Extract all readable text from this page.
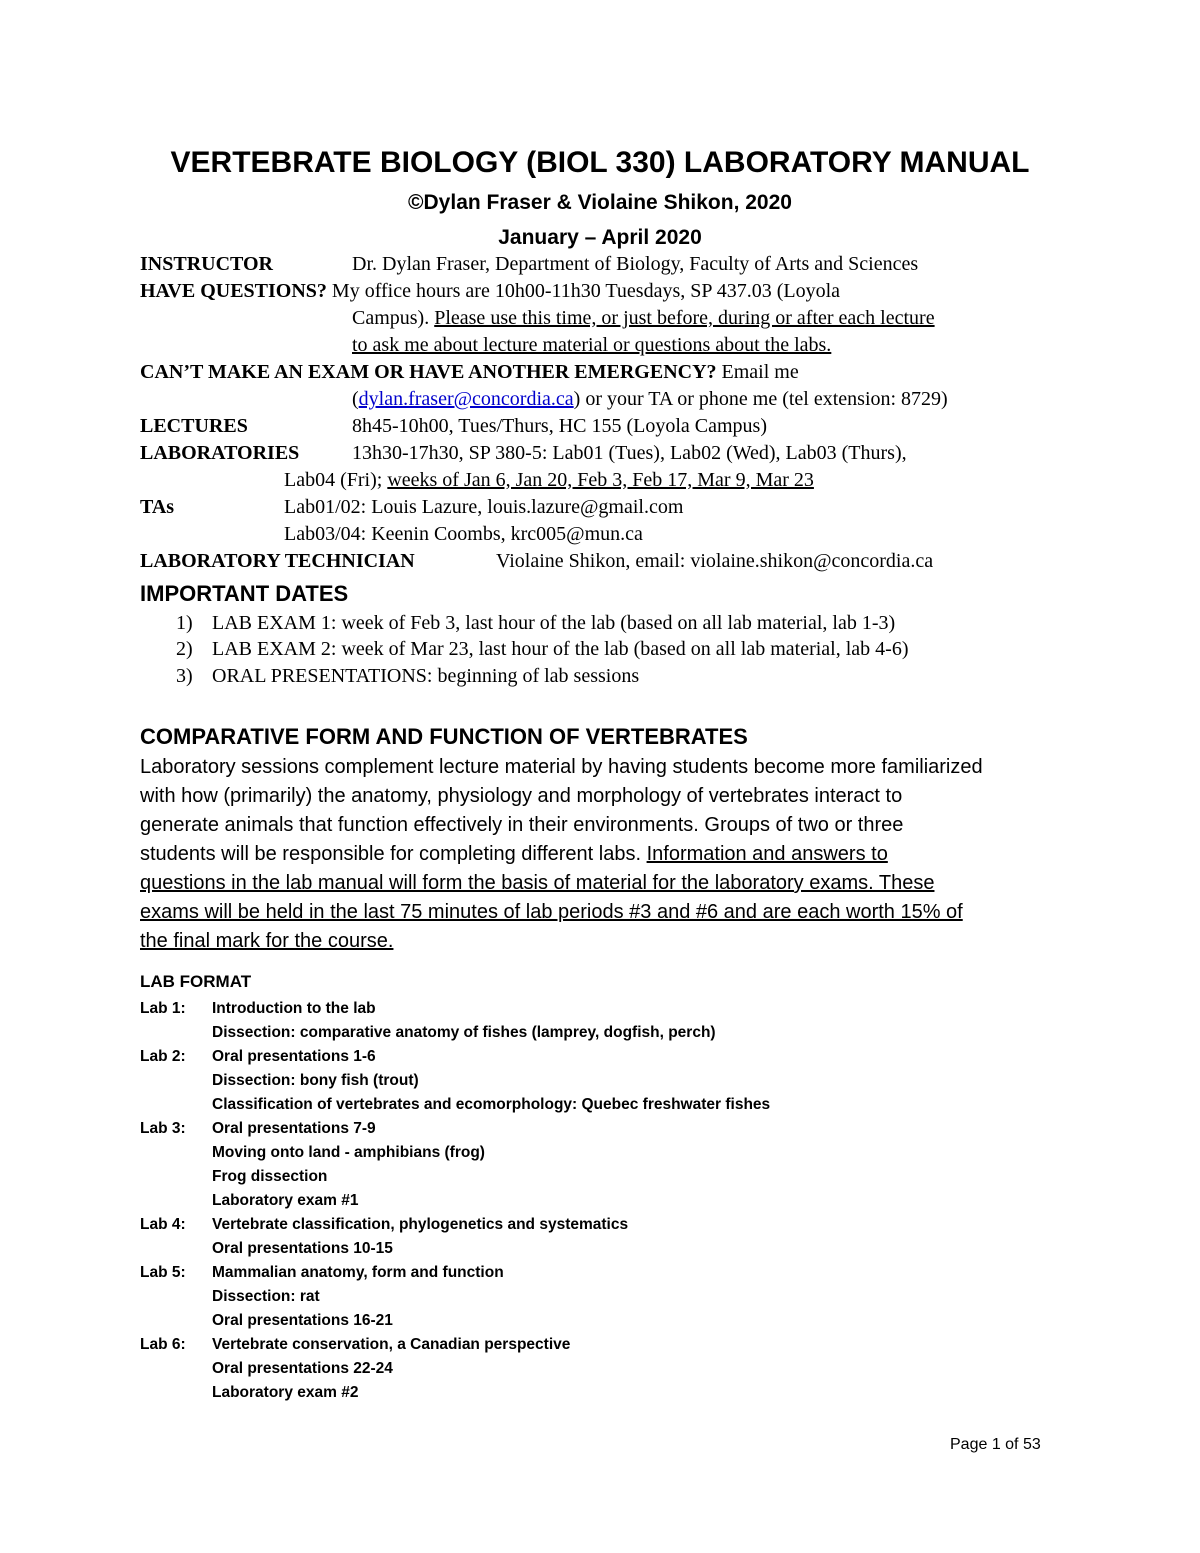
VERTEBRATE BIOLOGY (BIOL 330) LABORATORY MANUAL
©Dylan Fraser & Violaine Shikon, 2020
January – April 2020
INSTRUCTOR	Dr. Dylan Fraser, Department of Biology, Faculty of Arts and Sciences
HAVE QUESTIONS? My office hours are 10h00-11h30 Tuesdays, SP 437.03 (Loyola
Campus). Please use this time, or just before, during or after each lecture
to ask me about lecture material or questions about the labs.
CAN’T MAKE AN EXAM OR HAVE ANOTHER EMERGENCY? Email me
(dylan.fraser@concordia.ca) or your TA or phone me (tel extension: 8729)
LECTURES	8h45-10h00, Tues/Thurs, HC 155 (Loyola Campus)
LABORATORIES	13h30-17h30, SP 380-5: Lab01 (Tues), Lab02 (Wed), Lab03 (Thurs),
Lab04 (Fri); weeks of Jan 6, Jan 20, Feb 3, Feb 17, Mar 9, Mar 23
TAs	Lab01/02: Louis Lazure, louis.lazure@gmail.com
Lab03/04: Keenin Coombs, krc005@mun.ca
LABORATORY TECHNICIAN	Violaine Shikon, email: violaine.shikon@concordia.ca
IMPORTANT DATES
1) LAB EXAM 1: week of Feb 3, last hour of the lab (based on all lab material, lab 1-3)
2) LAB EXAM 2: week of Mar 23, last hour of the lab (based on all lab material, lab 4-6)
3) ORAL PRESENTATIONS: beginning of lab sessions
COMPARATIVE FORM AND FUNCTION OF VERTEBRATES
Laboratory sessions complement lecture material by having students become more familiarized
with how (primarily) the anatomy, physiology and morphology of vertebrates interact to
generate animals that function effectively in their environments. Groups of two or three
students will be responsible for completing different labs. Information and answers to
questions in the lab manual will form the basis of material for the laboratory exams. These
exams will be held in the last 75 minutes of lab periods #3 and #6 and are each worth 15% of
the final mark for the course.
LAB FORMAT
Lab 1: Introduction to the lab
Dissection: comparative anatomy of fishes (lamprey, dogfish, perch)
Lab 2: Oral presentations 1-6
Dissection: bony fish (trout)
Classification of vertebrates and ecomorphology: Quebec freshwater fishes
Lab 3: Oral presentations 7-9
Moving onto land - amphibians (frog)
Frog dissection
Laboratory exam #1
Lab 4: Vertebrate classification, phylogenetics and systematics
Oral presentations 10-15
Lab 5: Mammalian anatomy, form and function
Dissection: rat
Oral presentations 16-21
Lab 6: Vertebrate conservation, a Canadian perspective
Oral presentations 22-24
Laboratory exam #2
Page 1 of 53
